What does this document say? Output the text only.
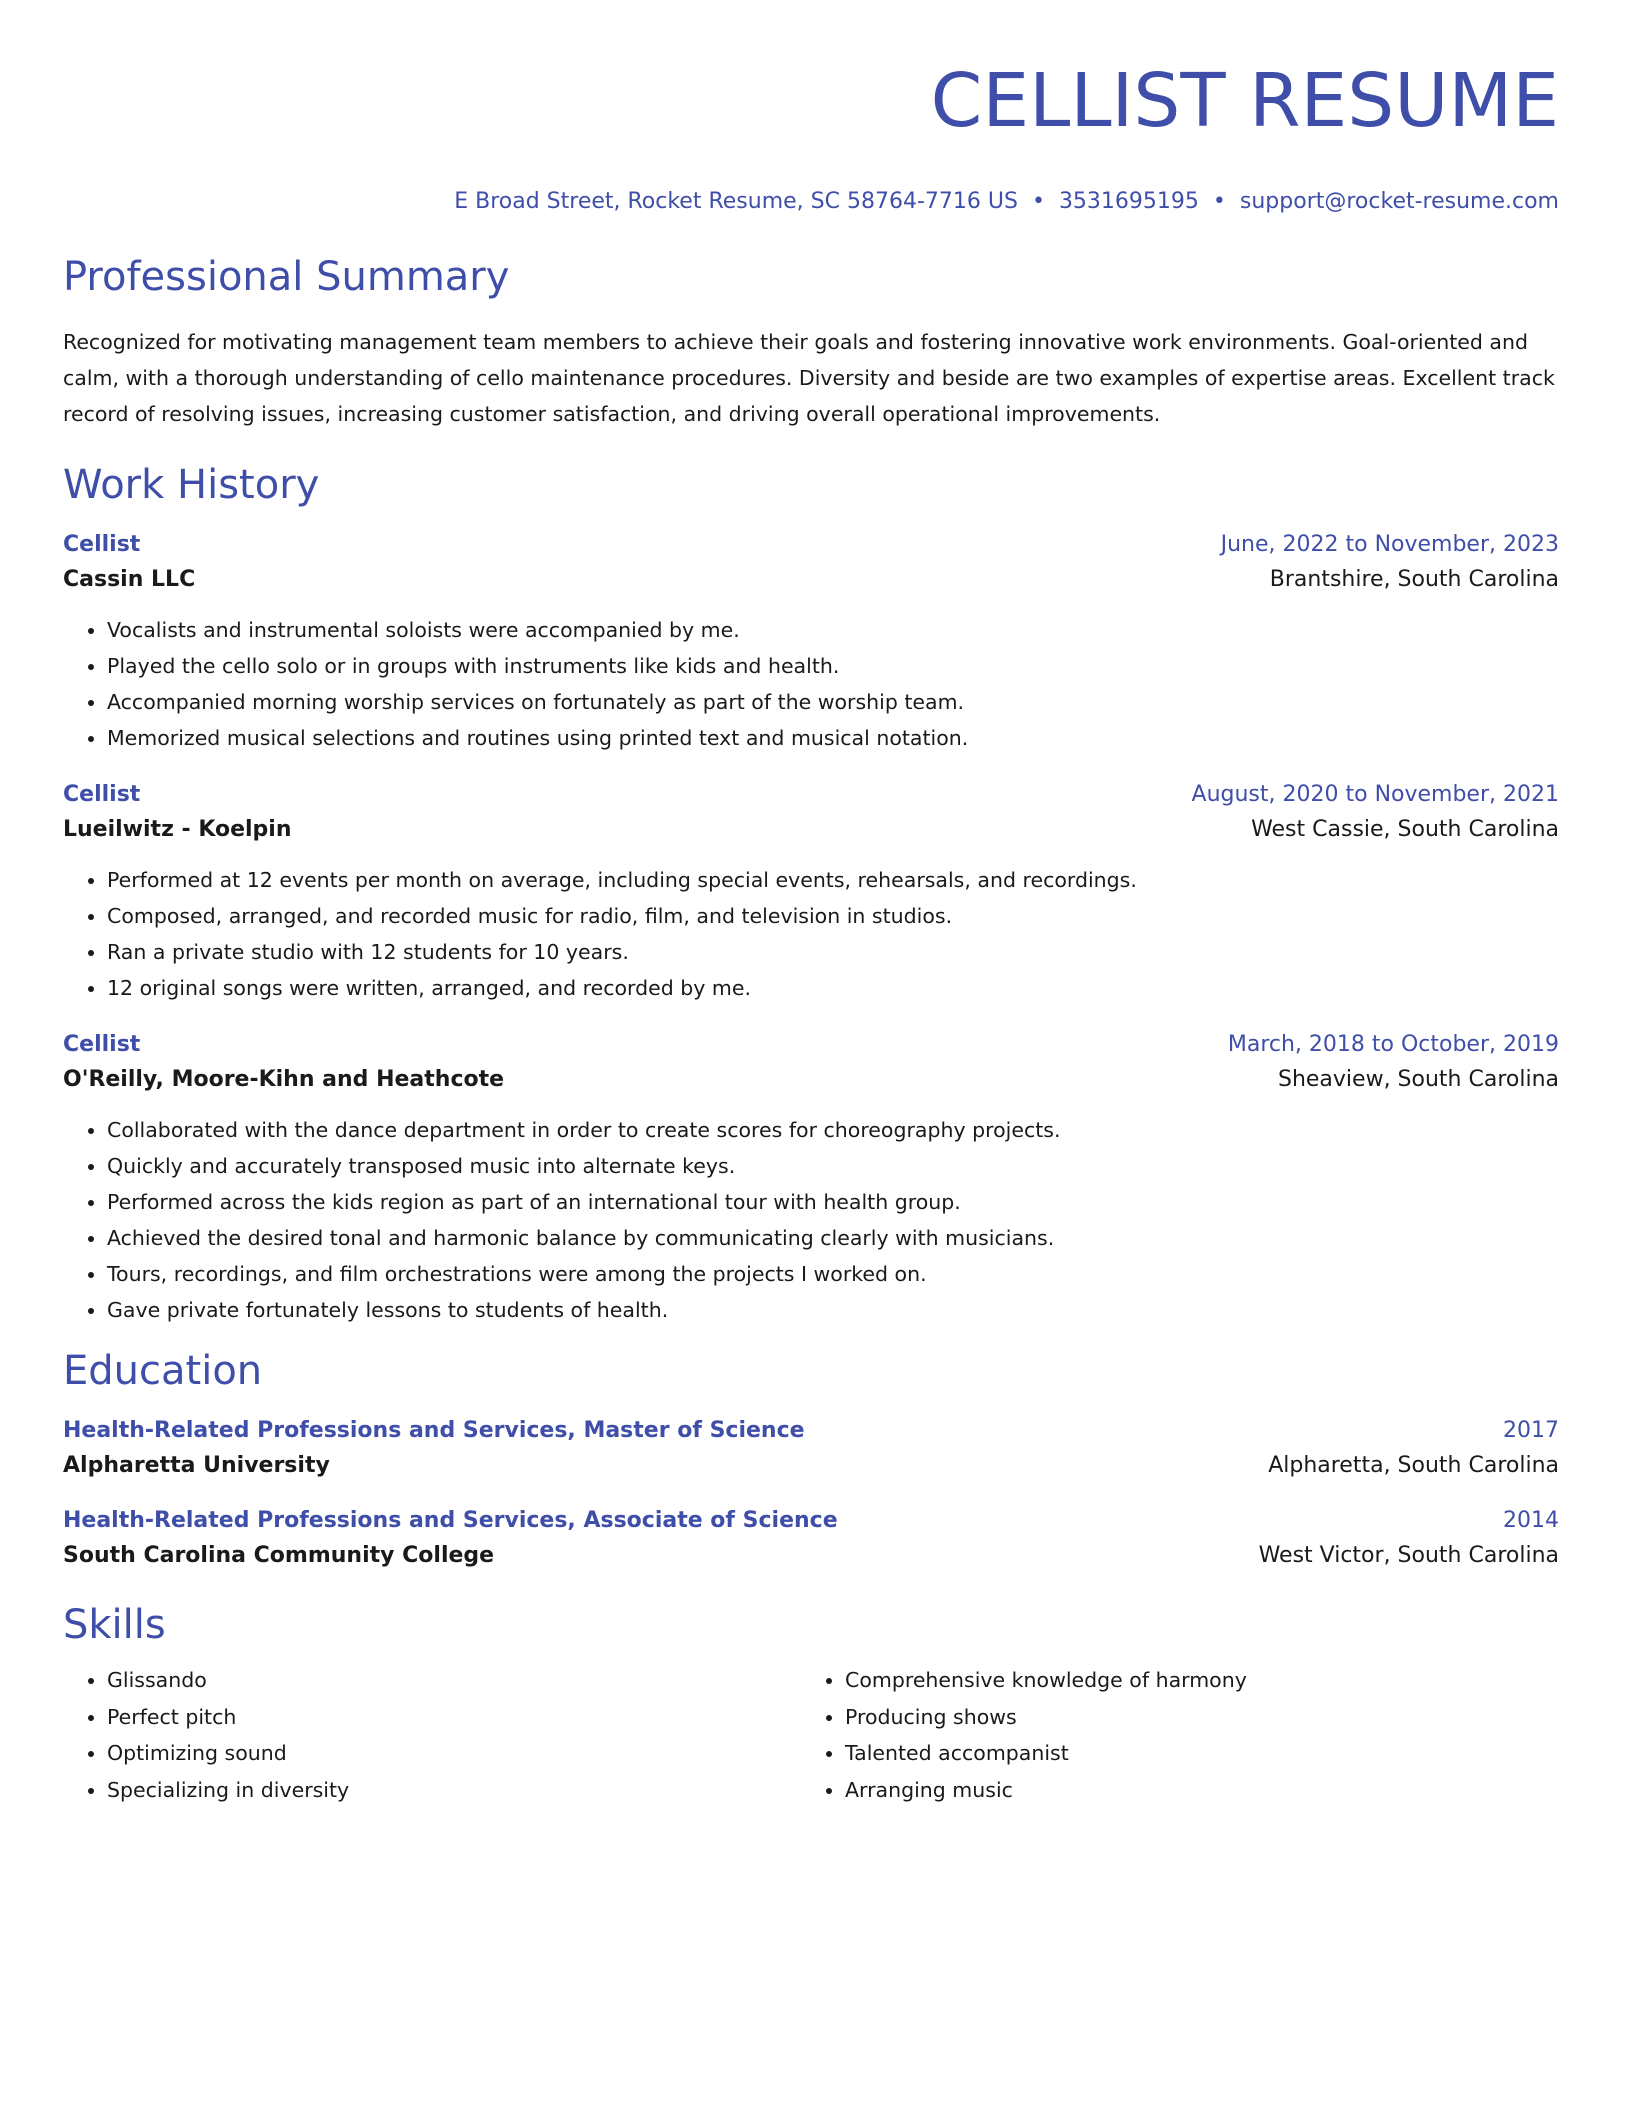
CELLIST RESUME
E Broad Street, Rocket Resume, SC 58764-7716 US • 3531695195 • support@rocket-resume.com
Professional Summary
Recognized for motivating management team members to achieve their goals and fostering innovative work environments. Goal-oriented and calm, with a thorough understanding of cello maintenance procedures. Diversity and beside are two examples of expertise areas. Excellent track record of resolving issues, increasing customer satisfaction, and driving overall operational improvements.
Work History
Cellist	June, 2022 to November, 2023
Cassin LLC	Brantshire, South Carolina
• Vocalists and instrumental soloists were accompanied by me.
• Played the cello solo or in groups with instruments like kids and health.
• Accompanied morning worship services on fortunately as part of the worship team.
• Memorized musical selections and routines using printed text and musical notation.
Cellist	August, 2020 to November, 2021
Lueilwitz - Koelpin	West Cassie, South Carolina
• Performed at 12 events per month on average, including special events, rehearsals, and recordings.
• Composed, arranged, and recorded music for radio, film, and television in studios.
• Ran a private studio with 12 students for 10 years.
• 12 original songs were written, arranged, and recorded by me.
Cellist	March, 2018 to October, 2019
O'Reilly, Moore-Kihn and Heathcote	Sheaview, South Carolina
• Collaborated with the dance department in order to create scores for choreography projects.
• Quickly and accurately transposed music into alternate keys.
• Performed across the kids region as part of an international tour with health group.
• Achieved the desired tonal and harmonic balance by communicating clearly with musicians.
• Tours, recordings, and film orchestrations were among the projects I worked on.
• Gave private fortunately lessons to students of health.
Education
Health-Related Professions and Services, Master of Science	2017
Alpharetta University	Alpharetta, South Carolina
Health-Related Professions and Services, Associate of Science	2014
South Carolina Community College	West Victor, South Carolina
Skills
• Glissando
• Perfect pitch
• Optimizing sound
• Specializing in diversity
• Comprehensive knowledge of harmony
• Producing shows
• Talented accompanist
• Arranging music
